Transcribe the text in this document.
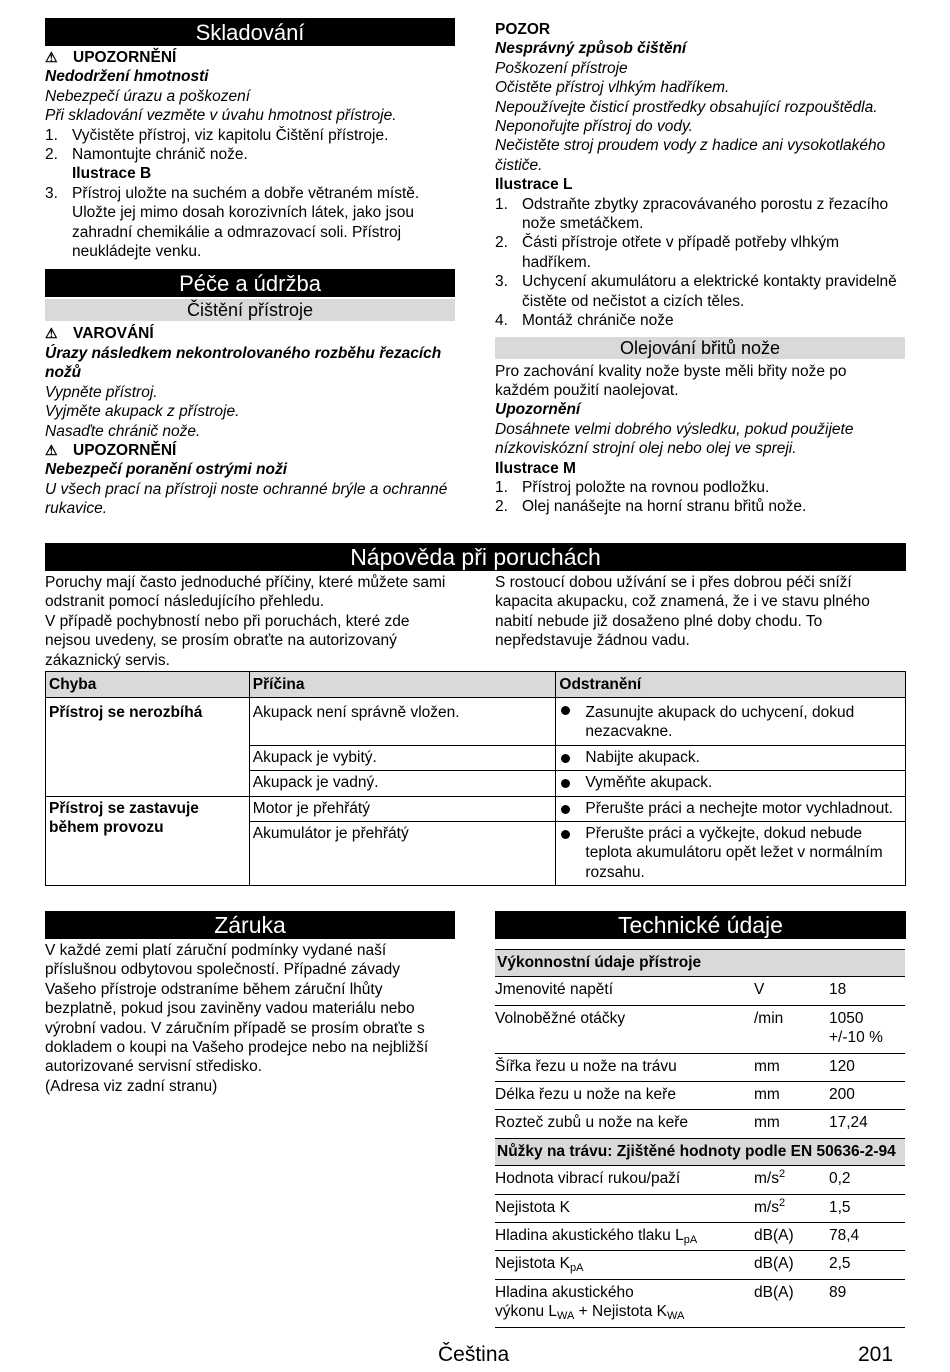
Skladování
⚠ UPOZORNĚNÍ
Nedodržení hmotnosti
Nebezpečí úrazu a poškození
Při skladování vezměte v úvahu hmotnost přístroje.
1. Vyčistěte přístroj, viz kapitolu Čištění přístroje.
2. Namontujte chránič nože.
Ilustrace B
3. Přístroj uložte na suchém a dobře větraném místě. Uložte jej mimo dosah korozivních látek, jako jsou zahradní chemikálie a odmrazovací soli. Přístroj neukládejte venku.
Péče a údržba
Čištění přístroje
⚠ VAROVÁNÍ
Úrazy následkem nekontrolovaného rozběhu řezacích nožů
Vypněte přístroj.
Vyjměte akupack z přístroje.
Nasaďte chránič nože.
⚠ UPOZORNĚNÍ
Nebezpečí poranění ostrými noži
U všech prací na přístroji noste ochranné brýle a ochranné rukavice.
POZOR
Nesprávný způsob čištění
Poškození přístroje
Očistěte přístroj vlhkým hadříkem.
Nepoužívejte čisticí prostředky obsahující rozpouštědla.
Neponořujte přístroj do vody.
Nečistěte stroj proudem vody z hadice ani vysokotlakého čističe.
Ilustrace L
1. Odstraňte zbytky zpracovávaného porostu z řezacího nože smetáčkem.
2. Části přístroje otřete v případě potřeby vlhkým hadříkem.
3. Uchycení akumulátoru a elektrické kontakty pravidelně čistěte od nečistot a cizích těles.
4. Montáž chrániče nože
Olejování břitů nože
Pro zachování kvality nože byste měli břity nože po každém použití naolejovat.
Upozornění
Dosáhnete velmi dobrého výsledku, pokud použijete nízkoviskózní strojní olej nebo olej ve spreji.
Ilustrace M
1. Přístroj položte na rovnou podložku.
2. Olej nanášejte na horní stranu břitů nože.
Nápověda při poruchách
Poruchy mají často jednoduché příčiny, které můžete sami odstranit pomocí následujícího přehledu.
V případě pochybností nebo při poruchách, které zde nejsou uvedeny, se prosím obraťte na autorizovaný zákaznický servis.
S rostoucí dobou užívání se i přes dobrou péči sníží kapacita akupacku, což znamená, že i ve stavu plného nabití nebude již dosaženo plné doby chodu. To nepředstavuje žádnou vadu.
Chyba	Příčina	Odstranění
Přístroj se nerozbíhá	Akupack není správně vložen.	Zasunujte akupack do uchycení, dokud nezacvakne.
	Akupack je vybitý.	Nabijte akupack.
	Akupack je vadný.	Vyměňte akupack.
Přístroj se zastavuje během provozu	Motor je přehřátý	Přerušte práci a nechejte motor vychladnout.
	Akumulátor je přehřátý	Přerušte práci a vyčkejte, dokud nebude teplota akumulátoru opět ležet v normálním rozsahu.
Záruka
V každé zemi platí záruční podmínky vydané naší příslušnou odbytovou společností. Případné závady Vašeho přístroje odstraníme během záruční lhůty bezplatně, pokud jsou zaviněny vadou materiálu nebo výrobní vadou. V záručním případě se prosím obraťte s dokladem o koupi na Vašeho prodejce nebo na nejbližší autorizované servisní středisko.
(Adresa viz zadní stranu)
Technické údaje
Výkonnostní údaje přístroje		
Jmenovité napětí	V	18
Volnoběžné otáčky	/min	1050 +/-10 %
Šířka řezu u nože na trávu	mm	120
Délka řezu u nože na keře	mm	200
Rozteč zubů u nože na keře	mm	17,24
Nůžky na trávu: Zjištěné hodnoty podle EN 50636-2-94		
Hodnota vibrací rukou/paží	$m/s^2$	0,2
Nejistota K	$m/s^2$	1,5
Hladina akustického tlaku $L_{pA}$	dB(A)	78,4
Nejistota $K_{pA}$	dB(A)	2,5
Hladina akustického
výkonu $L_{WA}$ + Nejistota $K_{WA}$	dB(A)	89
Čeština	201
